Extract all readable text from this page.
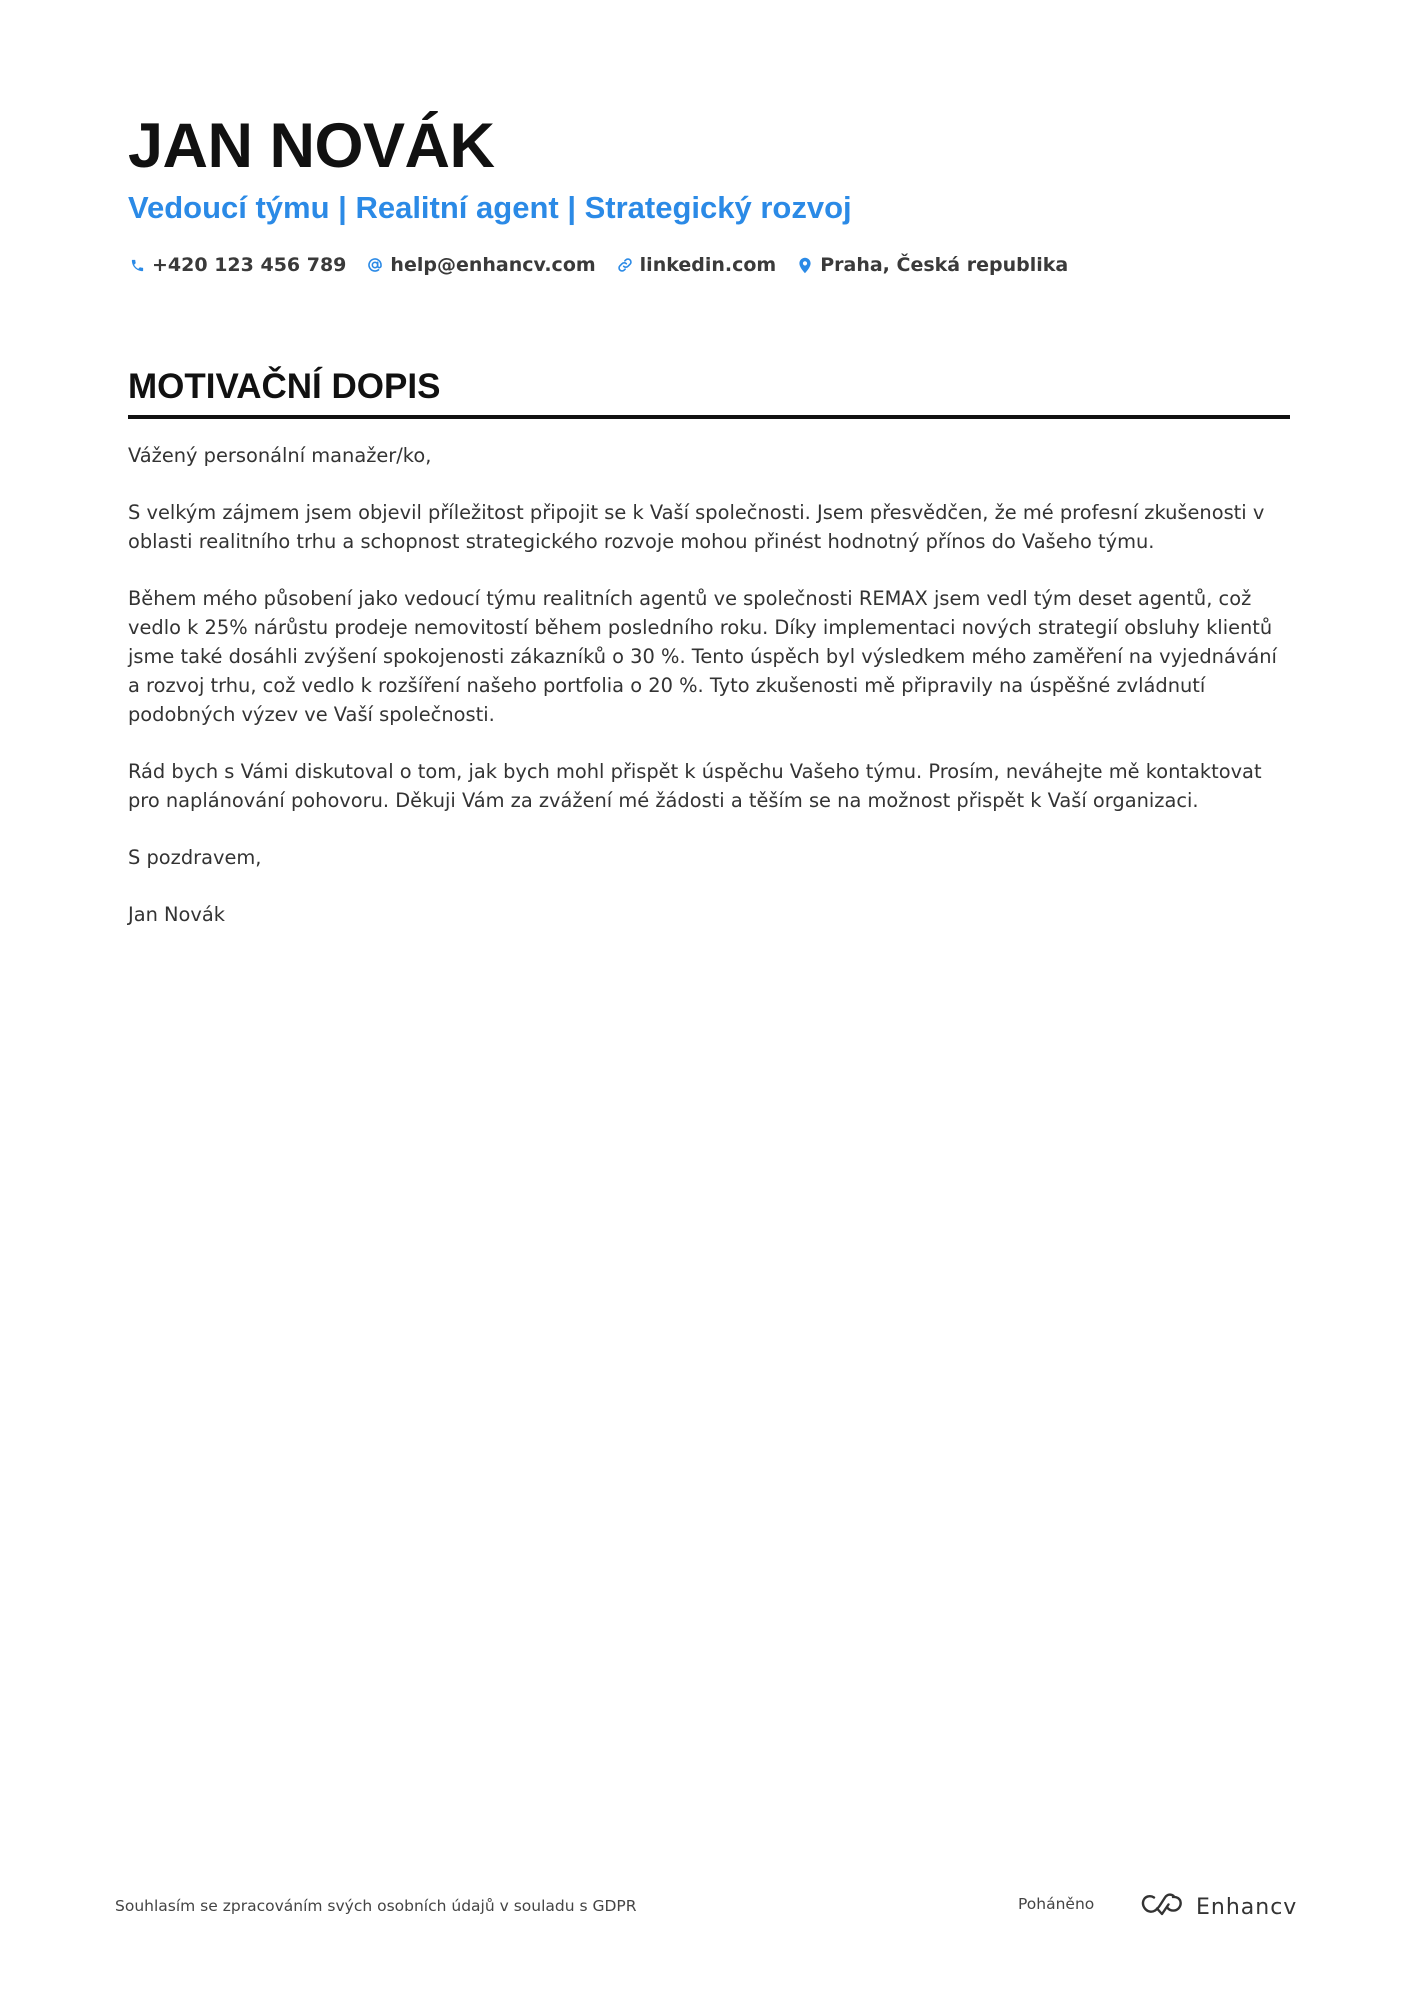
JAN NOVÁK
Vedoucí týmu | Realitní agent | Strategický rozvoj
+420 123 456 789 help@enhancv.com linkedin.com Praha, Česká republika
MOTIVAČNÍ DOPIS

Vážený personální manažer/ko,

S velkým zájmem jsem objevil příležitost připojit se k Vaší společnosti. Jsem přesvědčen, že mé profesní zkušenosti v oblasti realitního trhu a schopnost strategického rozvoje mohou přinést hodnotný přínos do Vašeho týmu.

Během mého působení jako vedoucí týmu realitních agentů ve společnosti REMAX jsem vedl tým deset agentů, což vedlo k 25% nárůstu prodeje nemovitostí během posledního roku. Díky implementaci nových strategií obsluhy klientů jsme také dosáhli zvýšení spokojenosti zákazníků o 30 %. Tento úspěch byl výsledkem mého zaměření na vyjednávání a rozvoj trhu, což vedlo k rozšíření našeho portfolia o 20 %. Tyto zkušenosti mě připravily na úspěšné zvládnutí podobných výzev ve Vaší společnosti.

Rád bych s Vámi diskutoval o tom, jak bych mohl přispět k úspěchu Vašeho týmu. Prosím, neváhejte mě kontaktovat pro naplánování pohovoru. Děkuji Vám za zvážení mé žádosti a těším se na možnost přispět k Vaší organizaci.

S pozdravem,

Jan Novák

Souhlasím se zpracováním svých osobních údajů v souladu s GDPR	Poháněno	Enhancv
